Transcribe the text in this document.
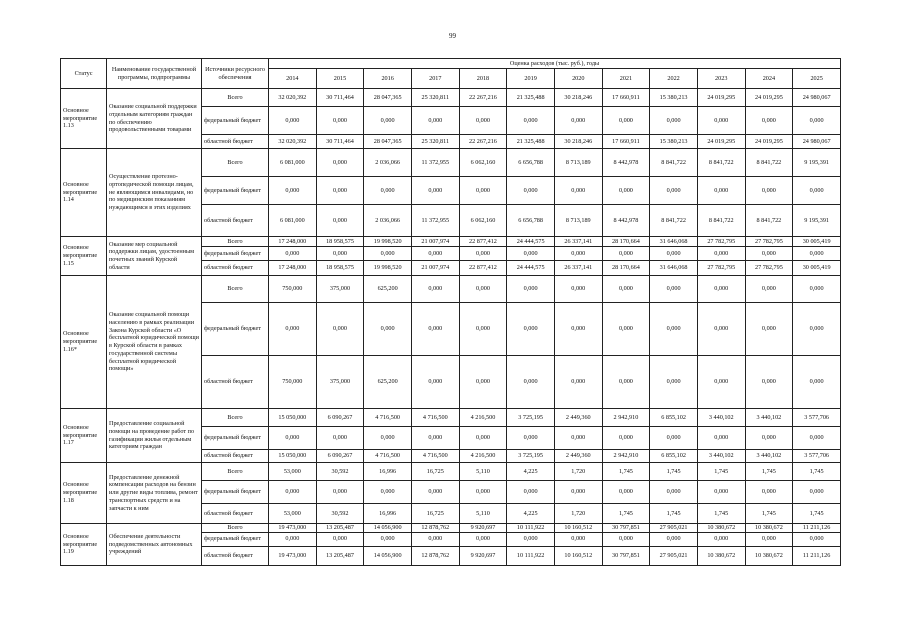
99
Статус	Наименование государственной программы, подпрограммы	Источники ресурсного обеспечения	Оценка расходов (тыс. руб.), годы											
			2014	2015	2016	2017	2018	2019	2020	2021	2022	2023	2024	2025
Основное мероприятие 1.13	Оказание социальной поддержки отдельным категориям граждан по обеспечению продовольственными товарами	Всего	32 020,392	30 711,464	28 047,365	25 320,811	22 267,216	21 325,488	30 218,246	17 660,911	15 380,213	24 019,295	24 019,295	24 980,067
		федеральный бюджет	0,000	0,000	0,000	0,000	0,000	0,000	0,000	0,000	0,000	0,000	0,000	0,000
		областной бюджет	32 020,392	30 711,464	28 047,365	25 320,811	22 267,216	21 325,488	30 218,246	17 660,911	15 380,213	24 019,295	24 019,295	24 980,067
Основное мероприятие 1.14	Осуществление протезно-ортопедической помощи лицам, не являющимся инвалидами, но по медицинским показаниям нуждающимся в этих изделиях	Всего	6 081,000	0,000	2 036,066	11 372,955	6 062,160	6 656,788	8 713,189	8 442,978	8 841,722	8 841,722	8 841,722	9 195,391
		федеральный бюджет	0,000	0,000	0,000	0,000	0,000	0,000	0,000	0,000	0,000	0,000	0,000	0,000
		областной бюджет	6 081,000	0,000	2 036,066	11 372,955	6 062,160	6 656,788	8 713,189	8 442,978	8 841,722	8 841,722	8 841,722	9 195,391
Основное мероприятие 1.15	Оказание мер социальной поддержки лицам, удостоенным почетных званий Курской области	Всего	17 248,000	18 958,575	19 998,520	21 007,974	22 877,412	24 444,575	26 337,141	28 170,664	31 646,068	27 782,795	27 782,795	30 005,419
		федеральный бюджет	0,000	0,000	0,000	0,000	0,000	0,000	0,000	0,000	0,000	0,000	0,000	0,000
		областной бюджет	17 248,000	18 958,575	19 998,520	21 007,974	22 877,412	24 444,575	26 337,141	28 170,664	31 646,068	27 782,795	27 782,795	30 005,419
Основное мероприятие 1.16*	Оказание социальной помощи населению в рамках реализации Закона Курской области «О бесплатной юридической помощи в Курской области в рамках государственной системы бесплатной юридической помощи»	Всего	750,000	375,000	625,200	0,000	0,000	0,000	0,000	0,000	0,000	0,000	0,000	0,000
		федеральный бюджет	0,000	0,000	0,000	0,000	0,000	0,000	0,000	0,000	0,000	0,000	0,000	0,000
		областной бюджет	750,000	375,000	625,200	0,000	0,000	0,000	0,000	0,000	0,000	0,000	0,000	0,000
Основное мероприятие 1.17	Предоставление социальной помощи на проведение работ по газификации жилья отдельным категориям граждан	Всего	15 050,000	6 090,267	4 716,500	4 716,500	4 216,500	3 725,195	2 449,360	2 942,910	6 855,102	3 440,102	3 440,102	3 577,706
		федеральный бюджет	0,000	0,000	0,000	0,000	0,000	0,000	0,000	0,000	0,000	0,000	0,000	0,000
		областной бюджет	15 050,000	6 090,267	4 716,500	4 716,500	4 216,500	3 725,195	2 449,360	2 942,910	6 855,102	3 440,102	3 440,102	3 577,706
Основное мероприятие 1.18	Предоставление денежной компенсации расходов на бензин или другие виды топлива, ремонт транспортных средств и на запчасти к ним	Всего	53,000	30,592	16,996	16,725	5,110	4,225	1,720	1,745	1,745	1,745	1,745	1,745
		федеральный бюджет	0,000	0,000	0,000	0,000	0,000	0,000	0,000	0,000	0,000	0,000	0,000	0,000
		областной бюджет	53,000	30,592	16,996	16,725	5,110	4,225	1,720	1,745	1,745	1,745	1,745	1,745
Основное мероприятие 1.19	Обеспечение деятельности подведомственных автономных учреждений	Всего	19 473,000	13 205,487	14 056,900	12 878,762	9 920,697	10 111,922	10 160,512	30 797,851	27 905,021	10 380,672	10 380,672	11 211,126
		федеральный бюджет	0,000	0,000	0,000	0,000	0,000	0,000	0,000	0,000	0,000	0,000	0,000	0,000
		областной бюджет	19 473,000	13 205,487	14 056,900	12 878,762	9 920,697	10 111,922	10 160,512	30 797,851	27 905,021	10 380,672	10 380,672	11 211,126
